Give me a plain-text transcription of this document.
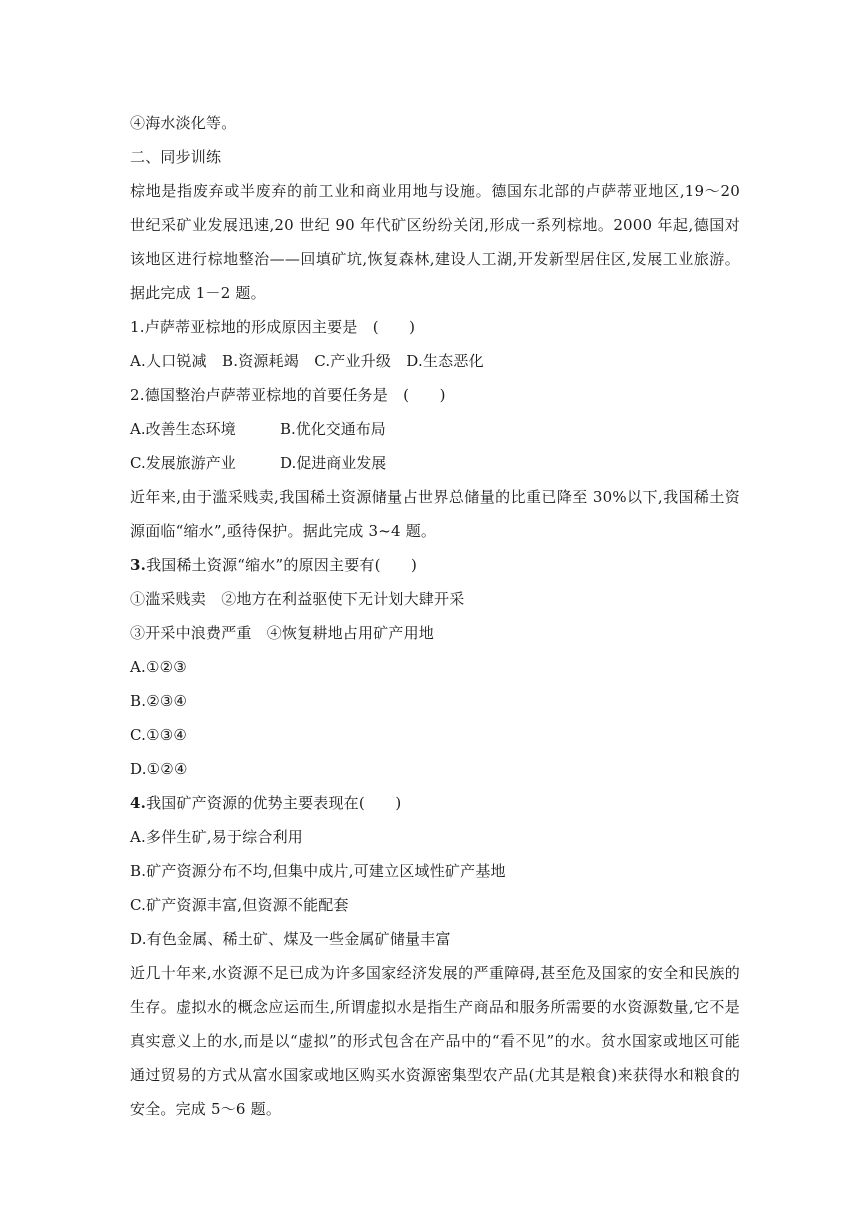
④海水淡化等。
二、同步训练
棕地是指废弃或半废弃的前工业和商业用地与设施。德国东北部的卢萨蒂亚地区,19～20 世纪采矿业发展迅速,20 世纪 90 年代矿区纷纷关闭,形成一系列棕地。2000 年起,德国对该地区进行棕地整治——回填矿坑,恢复森林,建设人工湖,开发新型居住区,发展工业旅游。据此完成 1－2 题。
1.卢萨蒂亚棕地的形成原因主要是　(　　)
A.人口锐减　B.资源耗竭　C.产业升级　D.生态恶化
2.德国整治卢萨蒂亚棕地的首要任务是　(　　)
A.改善生态环境	B.优化交通布局
C.发展旅游产业	D.促进商业发展
近年来,由于滥采贱卖,我国稀土资源储量占世界总储量的比重已降至 30%以下,我国稀土资源面临“缩水”,亟待保护。据此完成 3~4 题。
3.我国稀土资源“缩水”的原因主要有(　　)
①滥采贱卖　②地方在利益驱使下无计划大肆开采
③开采中浪费严重　④恢复耕地占用矿产用地
A.①②③
B.②③④
C.①③④
D.①②④
4.我国矿产资源的优势主要表现在(　　)
A.多伴生矿,易于综合利用
B.矿产资源分布不均,但集中成片,可建立区域性矿产基地
C.矿产资源丰富,但资源不能配套
D.有色金属、稀土矿、煤及一些金属矿储量丰富
近几十年来,水资源不足已成为许多国家经济发展的严重障碍,甚至危及国家的安全和民族的生存。虚拟水的概念应运而生,所谓虚拟水是指生产商品和服务所需要的水资源数量,它不是真实意义上的水,而是以“虚拟”的形式包含在产品中的“看不见”的水。贫水国家或地区可能通过贸易的方式从富水国家或地区购买水资源密集型农产品(尤其是粮食)来获得水和粮食的安全。完成 5～6 题。
